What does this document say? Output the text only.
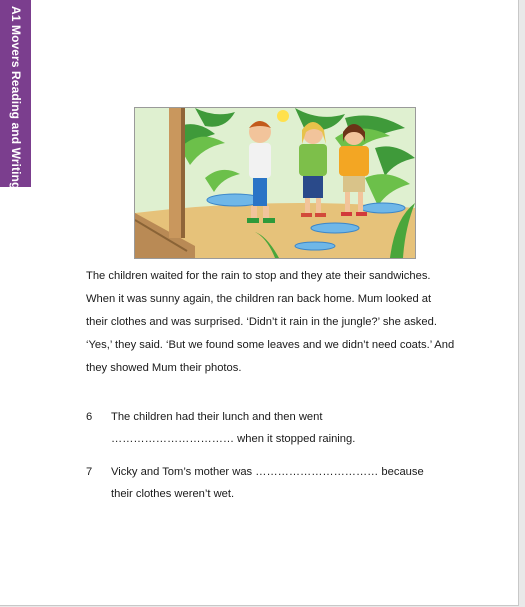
A1 Movers Reading and Writing
The children waited for the rain to stop and they ate their sandwiches.
When it was sunny again, the children ran back home. Mum looked at
their clothes and was surprised. ‘Didn’t it rain in the jungle?’ she asked.
‘Yes,’ they said. ‘But we found some leaves and we didn’t need coats.’ And
they showed Mum their photos.
6 The children had their lunch and then went
…………………………… when it stopped raining.
7 Vicky and Tom’s mother was …………………………… because
their clothes weren’t wet.
